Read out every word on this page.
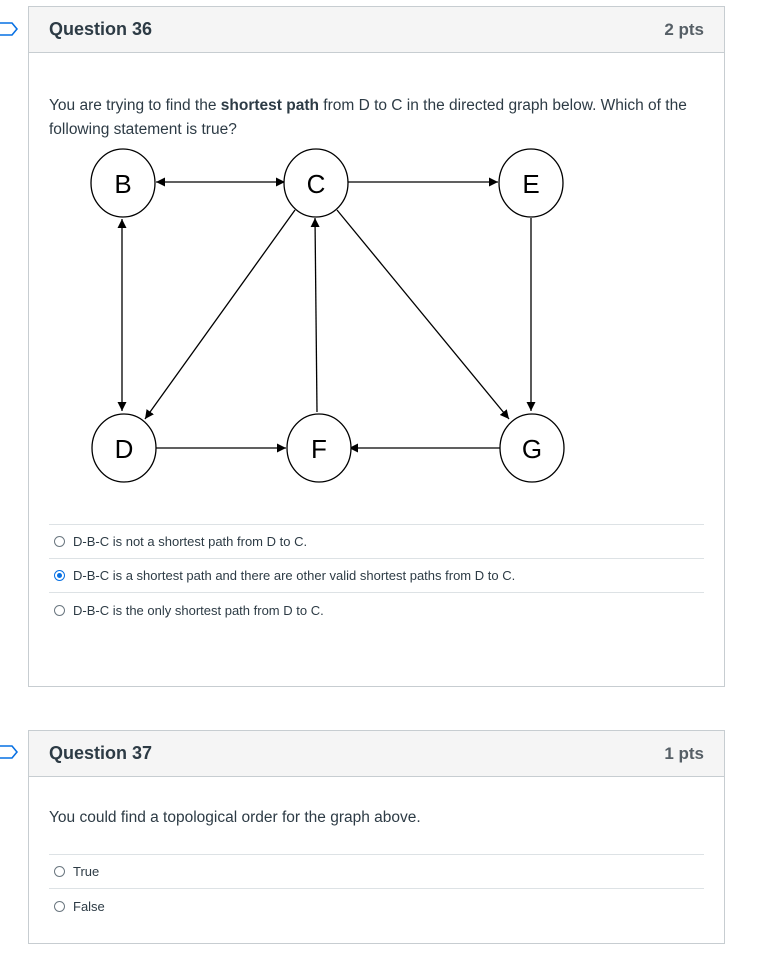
Question 36	2 pts
You are trying to find the shortest path from D to C in the directed graph below. Which of the following statement is true?
B	C	E
D	F	G
D-B-C is not a shortest path from D to C.
D-B-C is a shortest path and there are other valid shortest paths from D to C.
D-B-C is the only shortest path from D to C.
Question 37	1 pts
You could find a topological order for the graph above.
True
False
